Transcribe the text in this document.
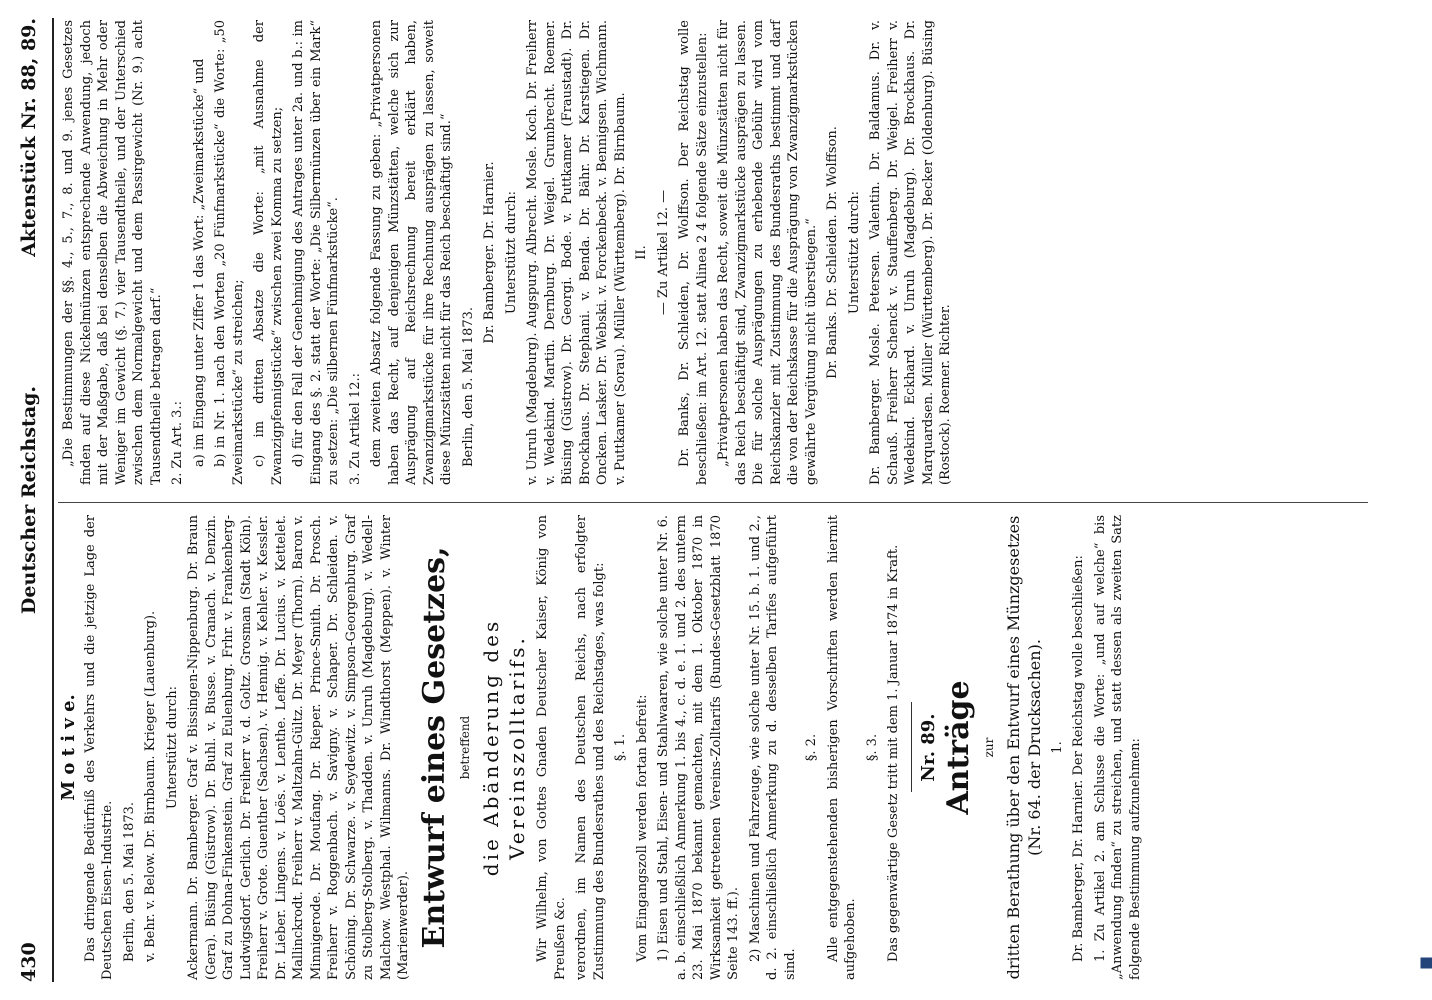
430
Deutscher Reichstag.
Aktenstück Nr. 88, 89.

M o t i v e. Das dringende Bedürfniß des Verkehrs und die jetzige Lage der Deutschen Eisen-Industrie. Berlin, den 5. Mai 1873. v. Behr. v. Below. Dr. Birnbaum. Krieger (Lauenburg). Unterstützt durch: Ackermann. Dr. Bamberger. Graf v. Bissingen-Nippenburg. Dr. Braun (Gera). Büsing (Güstrow). Dr. Buhl. v. Busse. v. Cranach. v. Denzin. Graf zu Dohna-Finkenstein. Graf zu Eulenburg. Frhr. v. Frankenberg-Ludwigsdorf. Gerlich. Dr. Freiherr v. d. Goltz. Grosman (Stadt Köln). Freiherr v. Grote. Guenther (Sachsen). v. Hennig. v. Kehler. v. Kessler. Dr. Lieber. Lingens. v. Loës. v. Lenthe. Leffe. Dr. Lucius. v. Kettelet. Mallinckrodt. Freiherr v. Maltzahn-Gültz. Dr. Meyer (Thorn). Baron v. Minnigerode. Dr. Moufang. Dr. Rieper. Prince-Smith. Dr. Prosch. Freiherr v. Roggenbach. v. Savigny. v. Schaper. Dr. Schleiden. v. Schöning. Dr. Schwarze. v. Seydewitz. v. Simpson-Georgenburg. Graf zu Stolberg-Stolberg. v. Thadden. v. Unruh (Magdeburg). v. Wedell-Malchow. Westphal. Wilmanns. Dr. Windthorst (Meppen). v. Winter (Marienwerder). Entwurf eines Gesetzes, betreffend die Abänderung des Vereinszolltarifs. Wir Wilhelm, von Gottes Gnaden Deutscher Kaiser, König von Preußen &c. verordnen, im Namen des Deutschen Reichs, nach erfolgter Zustimmung des Bundesrathes und des Reichstages, was folgt: §. 1. Vom Eingangszoll werden fortan befreit: 1) Eisen und Stahl, Eisen- und Stahlwaaren, wie solche unter Nr. 6. a. b. einschließlich Anmerkung 1. bis 4., c. d. e. 1. und 2. des unterm 23. Mai 1870 bekannt gemachten, mit dem 1. Oktober 1870 in Wirksamkeit getretenen Vereins-Zolltarifs (Bundes-Gesetzblatt 1870 Seite 143. ff.). 2) Maschinen und Fahrzeuge, wie solche unter Nr. 15. b. 1. und 2., d. 2. einschließlich Anmerkung zu d. desselben Tarifes aufgeführt sind.

§. 2. Alle entgegenstehenden bisherigen Vorschriften werden hiermit aufgehoben.

§. 3. Das gegenwärtige Gesetz tritt mit dem 1. Januar 1874 in Kraft. Nr. 89. Anträge zur dritten Berathung über den Entwurf eines Münzgesetzes (Nr. 64. der Drucksachen). 1. Dr. Bamberger, Dr. Harnier. Der Reichstag wolle beschließen: 1. Zu Artikel 2. am Schlusse die Worte: „und auf welche“ bis „Anwendung finden“ zu streichen, und statt dessen als zweiten Satz folgende Bestimmung aufzunehmen:

„Die Bestimmungen der §§. 4., 5., 7., 8. und 9. jenes Gesetzes finden auf diese Nickelmünzen entsprechende Anwendung, jedoch mit der Maßgabe, daß bei denselben die Abweichung in Mehr oder Weniger im Gewicht (§. 7.) vier Tausendtheile, und der Unterschied zwischen dem Normalgewicht und dem Passirgewicht (Nr. 9.) acht Tausendtheile betragen darf.“ 2. Zu Art. 3.: a) im Eingang unter Ziffer 1 das Wort: „Zweimarkstücke“ und b) in Nr. 1. nach den Worten „20 Fünfmarkstücke“ die Worte: „50 Zweimarkstücke“ zu streichen; c) im dritten Absatze die Worte: „mit Ausnahme der Zwanzigpfennigstücke“ zwischen zwei Komma zu setzen; d) für den Fall der Genehmigung des Antrages unter 2a. und b.: im Eingang des §. 2. statt der Worte: „Die Silbermünzen über ein Mark“ zu setzen: „Die silbernen Fünfmarkstücke“. 3. Zu Artikel 12.: dem zweiten Absatz folgende Fassung zu geben: „Privatpersonen haben das Recht, auf denjenigen Münzstätten, welche sich zur Ausprägung auf Reichsrechnung bereit erklärt haben, Zwanzigmarkstücke für ihre Rechnung ausprägen zu lassen, soweit diese Münzstätten nicht für das Reich beschäftigt sind.“ Berlin, den 5. Mai 1873.

Dr. Bamberger. Dr. Harnier. Unterstützt durch: v. Unruh (Magdeburg). Augspurg. Albrecht. Mosle. Koch. Dr. Freiherr v. Wedekind. Martin. Dernburg. Dr. Weigel. Grumbrecht. Roemer. Büsing (Güstrow). Dr. Georgi. Bode. v. Puttkamer (Fraustadt). Dr. Brockhaus. Dr. Stephani. v. Benda. Dr. Bähr. Dr. Karstiegen. Dr. Oncken. Lasker. Dr. Webski. v. Forckenbeck. v. Bennigsen. Wichmann. v. Puttkamer (Sorau). Müller (Württemberg). Dr. Birnbaum. II. — Zu Artikel 12. — Dr. Banks, Dr. Schleiden, Dr. Wolffson. Der Reichstag wolle beschließen: im Art. 12. statt Alinea 2 4 folgende Sätze einzustellen: „Privatpersonen haben das Recht, soweit die Münzstätten nicht für das Reich beschäftigt sind, Zwanzigmarkstücke ausprägen zu lassen. Die für solche Ausprägungen zu erhebende Gebühr wird vom Reichskanzler mit Zustimmung des Bundesraths bestimmt und darf die von der Reichskasse für die Ausprägung von Zwanzigmarkstücken gewährte Vergütung nicht überstiegen.“ Dr. Banks. Dr. Schleiden. Dr. Wolffson. Unterstützt durch: Dr. Bamberger. Mosle. Petersen. Valentin. Dr. Baldamus. Dr. v. Schauß. Freiherr Schenck v. Stauffenberg. Dr. Weigel. Freiherr v. Wedekind. Eckhard. v. Unruh (Magdeburg). Dr. Brockhaus. Dr. Marquardsen. Müller (Württemberg). Dr. Becker (Oldenburg). Büsing (Rostock). Roemer. Richter.
